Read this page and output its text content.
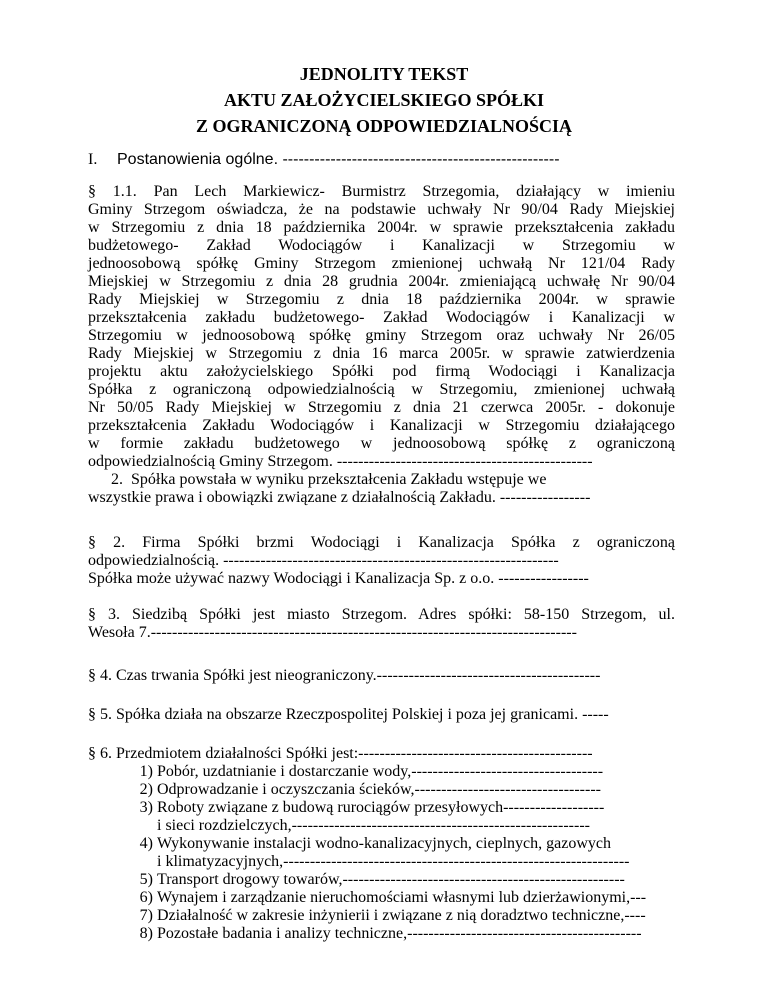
JEDNOLITY TEKST
AKTU ZAŁOŻYCIELSKIEGO SPÓŁKI
Z OGRANICZONĄ ODPOWIEDZIALNOŚCIĄ
I. Postanowienia ogólne. ----------------------------------------------------
§ 1.1. Pan Lech Markiewicz- Burmistrz Strzegomia, działający w imieniu
Gminy Strzegom oświadcza, że na podstawie uchwały Nr 90/04 Rady Miejskiej
w Strzegomiu z dnia 18 października 2004r. w sprawie przekształcenia zakładu
budżetowego- Zakład Wodociągów i Kanalizacji w Strzegomiu w
jednoosobową spółkę Gminy Strzegom zmienionej uchwałą Nr 121/04 Rady
Miejskiej w Strzegomiu z dnia 28 grudnia 2004r. zmieniającą uchwałę Nr 90/04
Rady Miejskiej w Strzegomiu z dnia 18 października 2004r. w sprawie
przekształcenia zakładu budżetowego- Zakład Wodociągów i Kanalizacji w
Strzegomiu w jednoosobową spółkę gminy Strzegom oraz uchwały Nr 26/05
Rady Miejskiej w Strzegomiu z dnia 16 marca 2005r. w sprawie zatwierdzenia
projektu aktu założycielskiego Spółki pod firmą Wodociągi i Kanalizacja
Spółka z ograniczoną odpowiedzialnością w Strzegomiu, zmienionej uchwałą
Nr 50/05 Rady Miejskiej w Strzegomiu z dnia 21 czerwca 2005r. - dokonuje
przekształcenia Zakładu Wodociągów i Kanalizacji w Strzegomiu działającego
w formie zakładu budżetowego w jednoosobową spółkę z ograniczoną
odpowiedzialnością Gminy Strzegom. ------------------------------------------------
2.  Spółka powstała w wyniku przekształcenia Zakładu wstępuje we
wszystkie prawa i obowiązki związane z działalnością Zakładu. -----------------
§ 2. Firma Spółki brzmi Wodociągi i Kanalizacja Spółka z ograniczoną
odpowiedzialnością. ---------------------------------------------------------------
Spółka może używać nazwy Wodociągi i Kanalizacja Sp. z o.o. -----------------
§ 3. Siedzibą Spółki jest miasto Strzegom. Adres spółki: 58-150 Strzegom, ul.
Wesoła 7.--------------------------------------------------------------------------------
§ 4. Czas trwania Spółki jest nieograniczony.------------------------------------------
§ 5. Spółka działa na obszarze Rzeczpospolitej Polskiej i poza jej granicami. -----
§ 6. Przedmiotem działalności Spółki jest:--------------------------------------------
1) Pobór, uzdatnianie i dostarczanie wody,------------------------------------
2) Odprowadzanie i oczyszczania ścieków,-----------------------------------
3) Roboty związane z budową rurociągów przesyłowych-------------------
i sieci rozdzielczych,--------------------------------------------------------
4) Wykonywanie instalacji wodno-kanalizacyjnych, cieplnych, gazowych
i klimatyzacyjnych,-----------------------------------------------------------------
5) Transport drogowy towarów,-----------------------------------------------------
6) Wynajem i zarządzanie nieruchomościami własnymi lub dzierżawionymi,---
7) Działalność w zakresie inżynierii i związane z nią doradztwo techniczne,----
8) Pozostałe badania i analizy techniczne,--------------------------------------------
